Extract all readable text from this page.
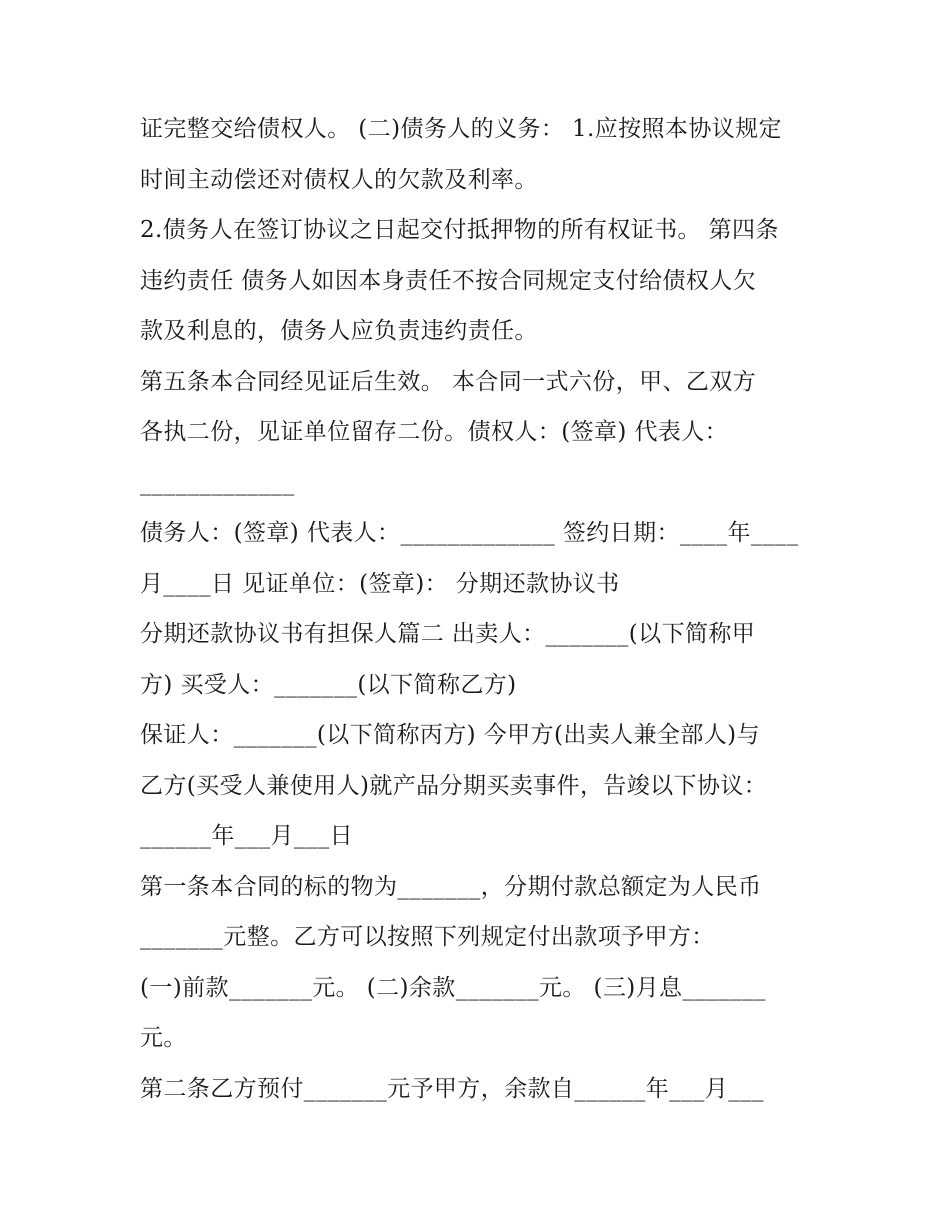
证完整交给债权人。 (二)债务人的义务： 1.应按照本协议规定
时间主动偿还对债权人的欠款及利率。
2.债务人在签订协议之日起交付抵押物的所有权证书。 第四条
违约责任 债务人如因本身责任不按合同规定支付给债权人欠
款及利息的，债务人应负责违约责任。
第五条本合同经见证后生效。 本合同一式六份，甲、乙双方
各执二份，见证单位留存二份。债权人：(签章) 代表人：
_____________
债务人：(签章) 代表人：_____________ 签约日期：____年____
月____日 见证单位：(签章)： 分期还款协议书
分期还款协议书有担保人篇二 出卖人：_______(以下简称甲
方) 买受人：_______(以下简称乙方)
保证人：_______(以下简称丙方) 今甲方(出卖人兼全部人)与
乙方(买受人兼使用人)就产品分期买卖事件，告竣以下协议：
______年___月___日
第一条本合同的标的物为_______，分期付款总额定为人民币
_______元整。乙方可以按照下列规定付出款项予甲方：
(一)前款_______元。 (二)余款_______元。 (三)月息_______
元。
第二条乙方预付_______元予甲方，余款自______年___月___
